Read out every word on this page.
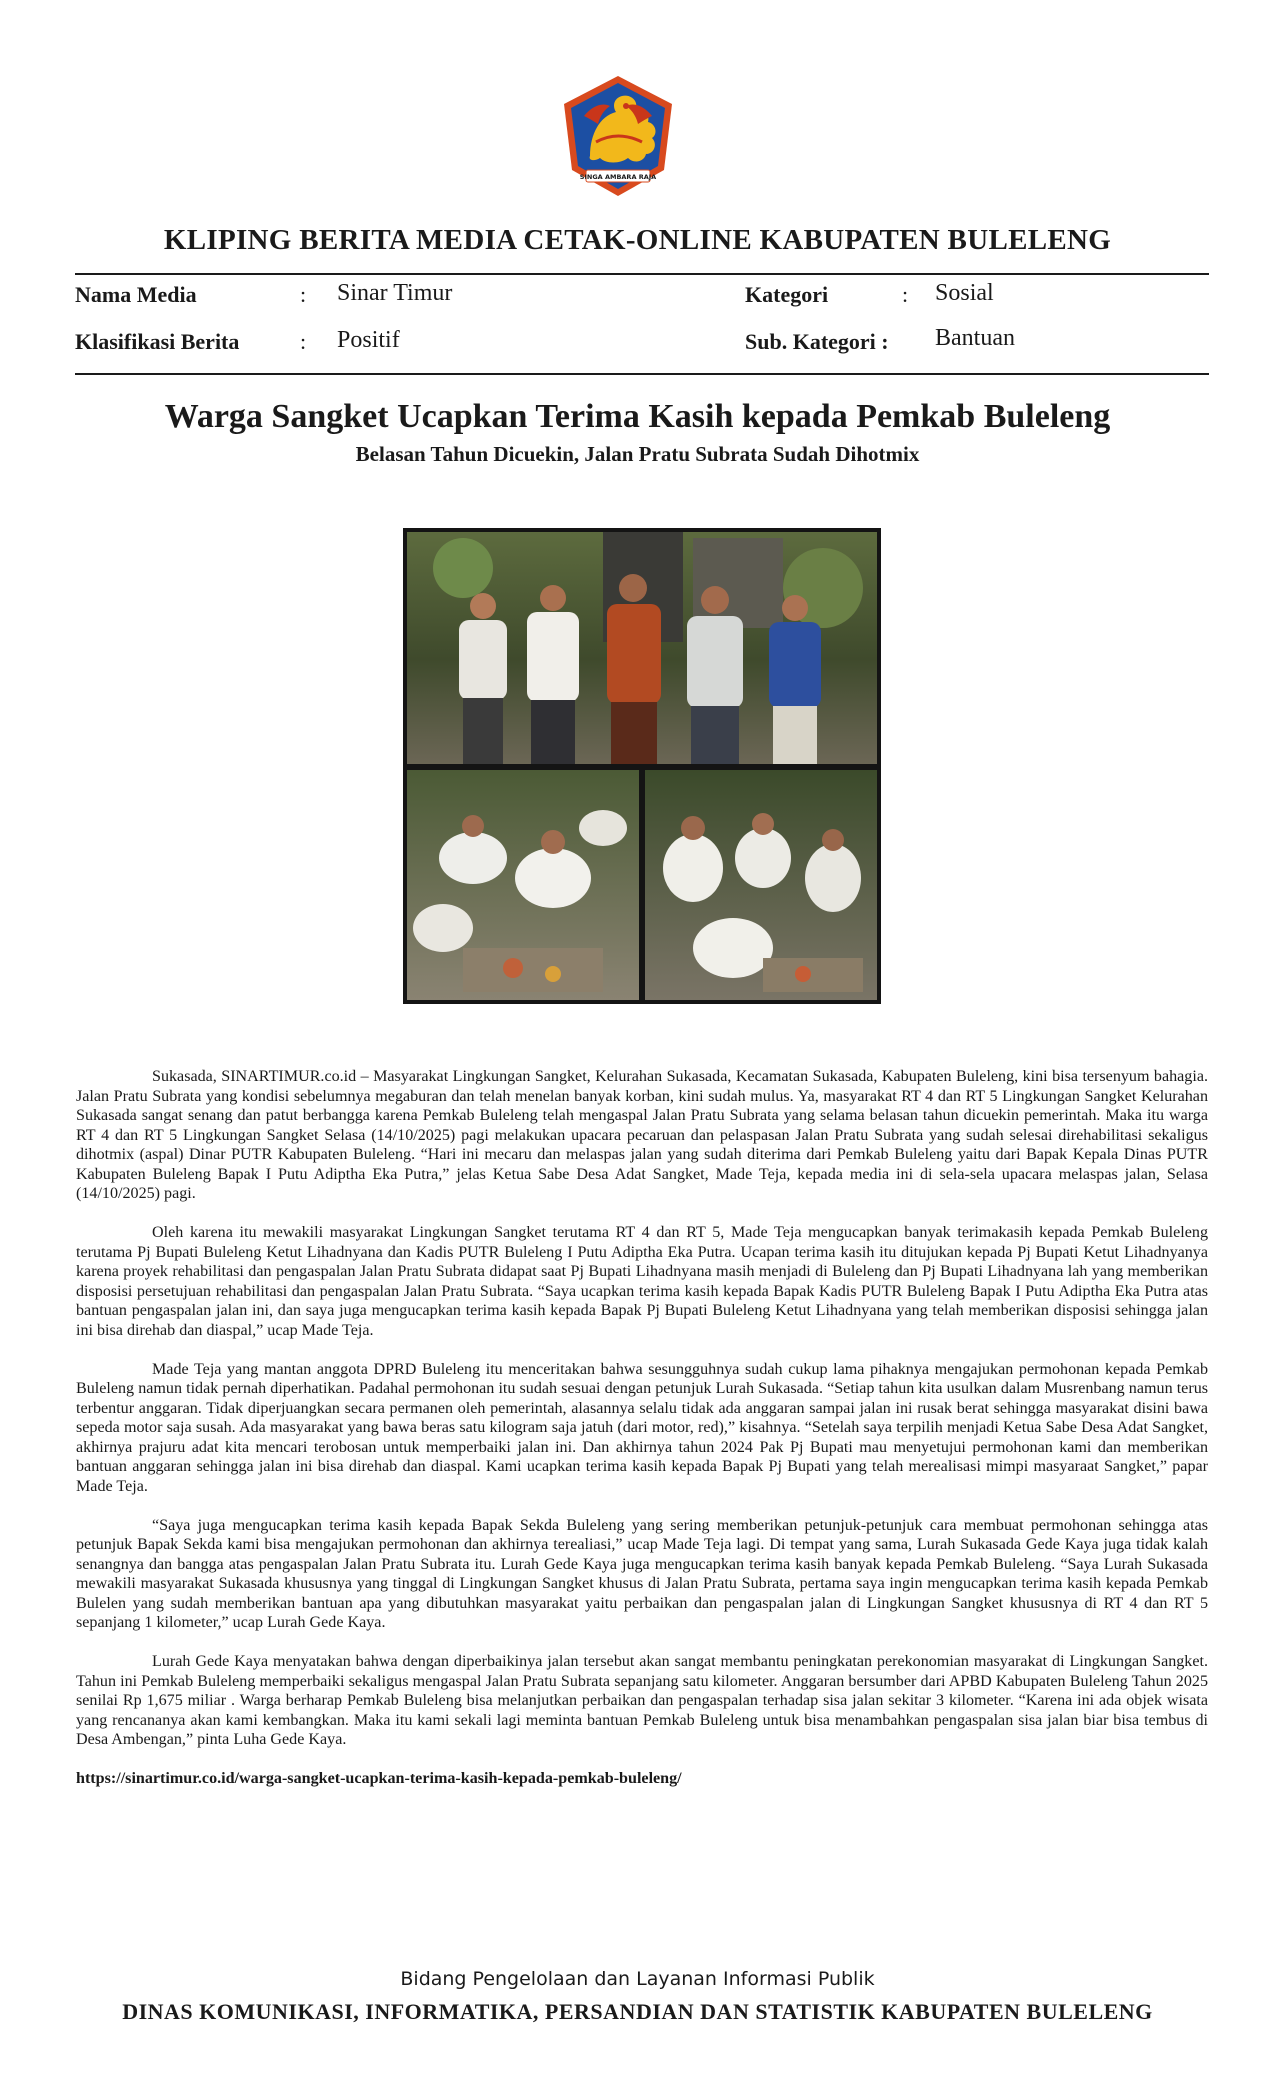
SINGA AMBARA RAJA
KLIPING BERITA MEDIA CETAK-ONLINE KABUPATEN BULELENG
Nama Media	: Sinar Timur	Kategori	: Sosial
Klasifikasi Berita	: Positif	Sub. Kategori : Bantuan
Warga Sangket Ucapkan Terima Kasih kepada Pemkab Buleleng
Belasan Tahun Dicuekin, Jalan Pratu Subrata Sudah Dihotmix

Sukasada, SINARTIMUR.co.id – Masyarakat Lingkungan Sangket, Kelurahan Sukasada, Kecamatan Sukasada, Kabupaten Buleleng, kini bisa tersenyum bahagia. Jalan Pratu Subrata yang kondisi sebelumnya megaburan dan telah menelan banyak korban, kini sudah mulus. Ya, masyarakat RT 4 dan RT 5 Lingkungan Sangket Kelurahan Sukasada sangat senang dan patut berbangga karena Pemkab Buleleng telah mengaspal Jalan Pratu Subrata yang selama belasan tahun dicuekin pemerintah. Maka itu warga RT 4 dan RT 5 Lingkungan Sangket Selasa (14/10/2025) pagi melakukan upacara pecaruan dan pelaspasan Jalan Pratu Subrata yang sudah selesai direhabilitasi sekaligus dihotmix (aspal) Dinar PUTR Kabupaten Buleleng. “Hari ini mecaru dan melaspas jalan yang sudah diterima dari Pemkab Buleleng yaitu dari Bapak Kepala Dinas PUTR Kabupaten Buleleng Bapak I Putu Adiptha Eka Putra,” jelas Ketua Sabe Desa Adat Sangket, Made Teja, kepada media ini di sela-sela upacara melaspas jalan, Selasa (14/10/2025) pagi.

Oleh karena itu mewakili masyarakat Lingkungan Sangket terutama RT 4 dan RT 5, Made Teja mengucapkan banyak terimakasih kepada Pemkab Buleleng terutama Pj Bupati Buleleng Ketut Lihadnyana dan Kadis PUTR Buleleng I Putu Adiptha Eka Putra. Ucapan terima kasih itu ditujukan kepada Pj Bupati Ketut Lihadnyanya karena proyek rehabilitasi dan pengaspalan Jalan Pratu Subrata didapat saat Pj Bupati Lihadnyana masih menjadi di Buleleng dan Pj Bupati Lihadnyana lah yang memberikan disposisi persetujuan rehabilitasi dan pengaspalan Jalan Pratu Subrata. “Saya ucapkan terima kasih kepada Bapak Kadis PUTR Buleleng Bapak I Putu Adiptha Eka Putra atas bantuan pengaspalan jalan ini, dan saya juga mengucapkan terima kasih kepada Bapak Pj Bupati Buleleng Ketut Lihadnyana yang telah memberikan disposisi sehingga jalan ini bisa direhab dan diaspal,” ucap Made Teja.

Made Teja yang mantan anggota DPRD Buleleng itu menceritakan bahwa sesungguhnya sudah cukup lama pihaknya mengajukan permohonan kepada Pemkab Buleleng namun tidak pernah diperhatikan. Padahal permohonan itu sudah sesuai dengan petunjuk Lurah Sukasada. “Setiap tahun kita usulkan dalam Musrenbang namun terus terbentur anggaran. Tidak diperjuangkan secara permanen oleh pemerintah, alasannya selalu tidak ada anggaran sampai jalan ini rusak berat sehingga masyarakat disini bawa sepeda motor saja susah. Ada masyarakat yang bawa beras satu kilogram saja jatuh (dari motor, red),” kisahnya. “Setelah saya terpilih menjadi Ketua Sabe Desa Adat Sangket, akhirnya prajuru adat kita mencari terobosan untuk memperbaiki jalan ini. Dan akhirnya tahun 2024 Pak Pj Bupati mau menyetujui permohonan kami dan memberikan bantuan anggaran sehingga jalan ini bisa direhab dan diaspal. Kami ucapkan terima kasih kepada Bapak Pj Bupati yang telah merealisasi mimpi masyaraat Sangket,” papar Made Teja.

“Saya juga mengucapkan terima kasih kepada Bapak Sekda Buleleng yang sering memberikan petunjuk-petunjuk cara membuat permohonan sehingga atas petunjuk Bapak Sekda kami bisa mengajukan permohonan dan akhirnya terealiasi,” ucap Made Teja lagi. Di tempat yang sama, Lurah Sukasada Gede Kaya juga tidak kalah senangnya dan bangga atas pengaspalan Jalan Pratu Subrata itu. Lurah Gede Kaya juga mengucapkan terima kasih banyak kepada Pemkab Buleleng. “Saya Lurah Sukasada mewakili masyarakat Sukasada khususnya yang tinggal di Lingkungan Sangket khusus di Jalan Pratu Subrata, pertama saya ingin mengucapkan terima kasih kepada Pemkab Bulelen yang sudah memberikan bantuan apa yang dibutuhkan masyarakat yaitu perbaikan dan pengaspalan jalan di Lingkungan Sangket khususnya di RT 4 dan RT 5 sepanjang 1 kilometer,” ucap Lurah Gede Kaya.

Lurah Gede Kaya menyatakan bahwa dengan diperbaikinya jalan tersebut akan sangat membantu peningkatan perekonomian masyarakat di Lingkungan Sangket. Tahun ini Pemkab Buleleng memperbaiki sekaligus mengaspal Jalan Pratu Subrata sepanjang satu kilometer. Anggaran bersumber dari APBD Kabupaten Buleleng Tahun 2025 senilai Rp 1,675 miliar . Warga berharap Pemkab Buleleng bisa melanjutkan perbaikan dan pengaspalan terhadap sisa jalan sekitar 3 kilometer. “Karena ini ada objek wisata yang rencananya akan kami kembangkan. Maka itu kami sekali lagi meminta bantuan Pemkab Buleleng untuk bisa menambahkan pengaspalan sisa jalan biar bisa tembus di Desa Ambengan,” pinta Luha Gede Kaya.

https://sinartimur.co.id/warga-sangket-ucapkan-terima-kasih-kepada-pemkab-buleleng/

Bidang Pengelolaan dan Layanan Informasi Publik
DINAS KOMUNIKASI, INFORMATIKA, PERSANDIAN DAN STATISTIK KABUPATEN BULELENG
